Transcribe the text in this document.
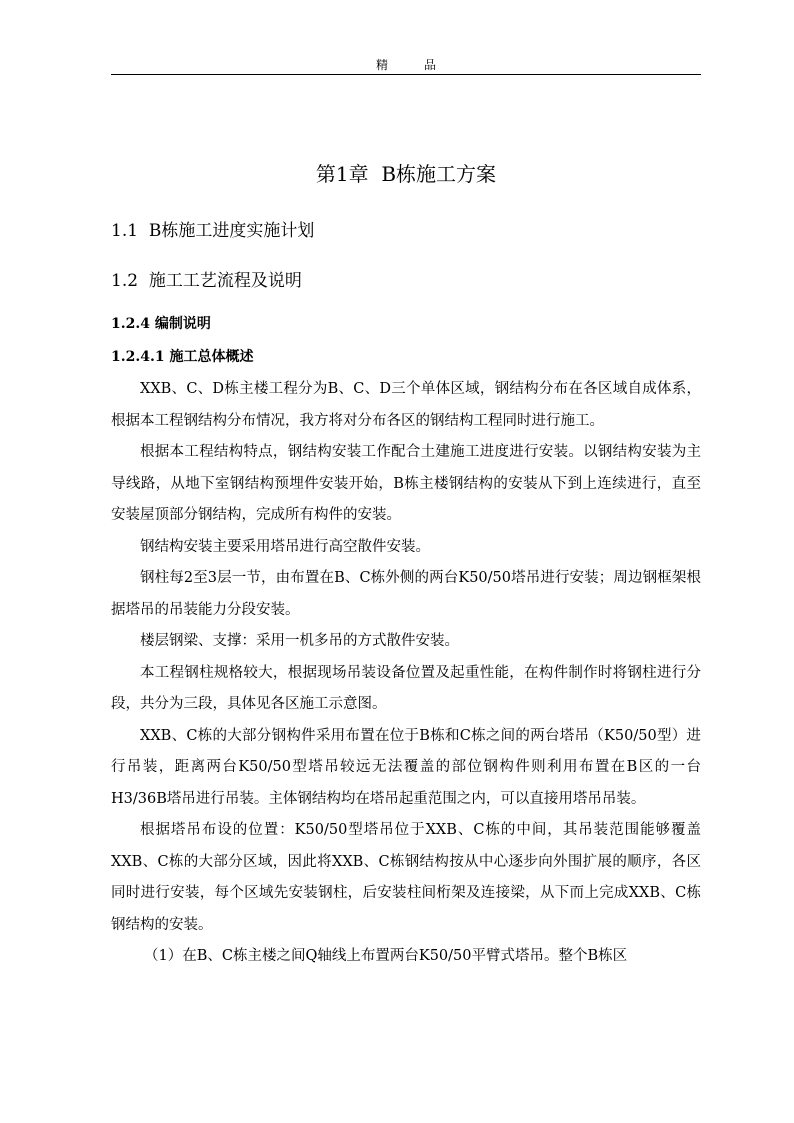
精品
第1章  B栋施工方案
1.1  B栋施工进度实施计划
1.2  施工工艺流程及说明
1.2.4 编制说明
1.2.4.1 施工总体概述

XXB、C、D栋主楼工程分为B、C、D三个单体区域，钢结构分布在各区域自成体系，根据本工程钢结构分布情况，我方将对分布各区的钢结构工程同时进行施工。

根据本工程结构特点，钢结构安装工作配合土建施工进度进行安装。以钢结构安装为主导线路，从地下室钢结构预埋件安装开始，B栋主楼钢结构的安装从下到上连续进行，直至安装屋顶部分钢结构，完成所有构件的安装。

钢结构安装主要采用塔吊进行高空散件安装。

钢柱每2至3层一节，由布置在B、C栋外侧的两台K50/50塔吊进行安装；周边钢框架根据塔吊的吊装能力分段安装。

楼层钢梁、支撑：采用一机多吊的方式散件安装。

本工程钢柱规格较大，根据现场吊装设备位置及起重性能，在构件制作时将钢柱进行分段，共分为三段，具体见各区施工示意图。

XXB、C栋的大部分钢构件采用布置在位于B栋和C栋之间的两台塔吊（K50/50型）进行吊装，距离两台K50/50型塔吊较远无法覆盖的部位钢构件则利用布置在B区的一台H3/36B塔吊进行吊装。主体钢结构均在塔吊起重范围之内，可以直接用塔吊吊装。

根据塔吊布设的位置：K50/50型塔吊位于XXB、C栋的中间，其吊装范围能够覆盖XXB、C栋的大部分区域，因此将XXB、C栋钢结构按从中心逐步向外围扩展的顺序，各区同时进行安装，每个区域先安装钢柱，后安装柱间桁架及连接梁，从下而上完成XXB、C栋钢结构的安装。

（1）在B、C栋主楼之间Q轴线上布置两台K50/50平臂式塔吊。整个B栋区
